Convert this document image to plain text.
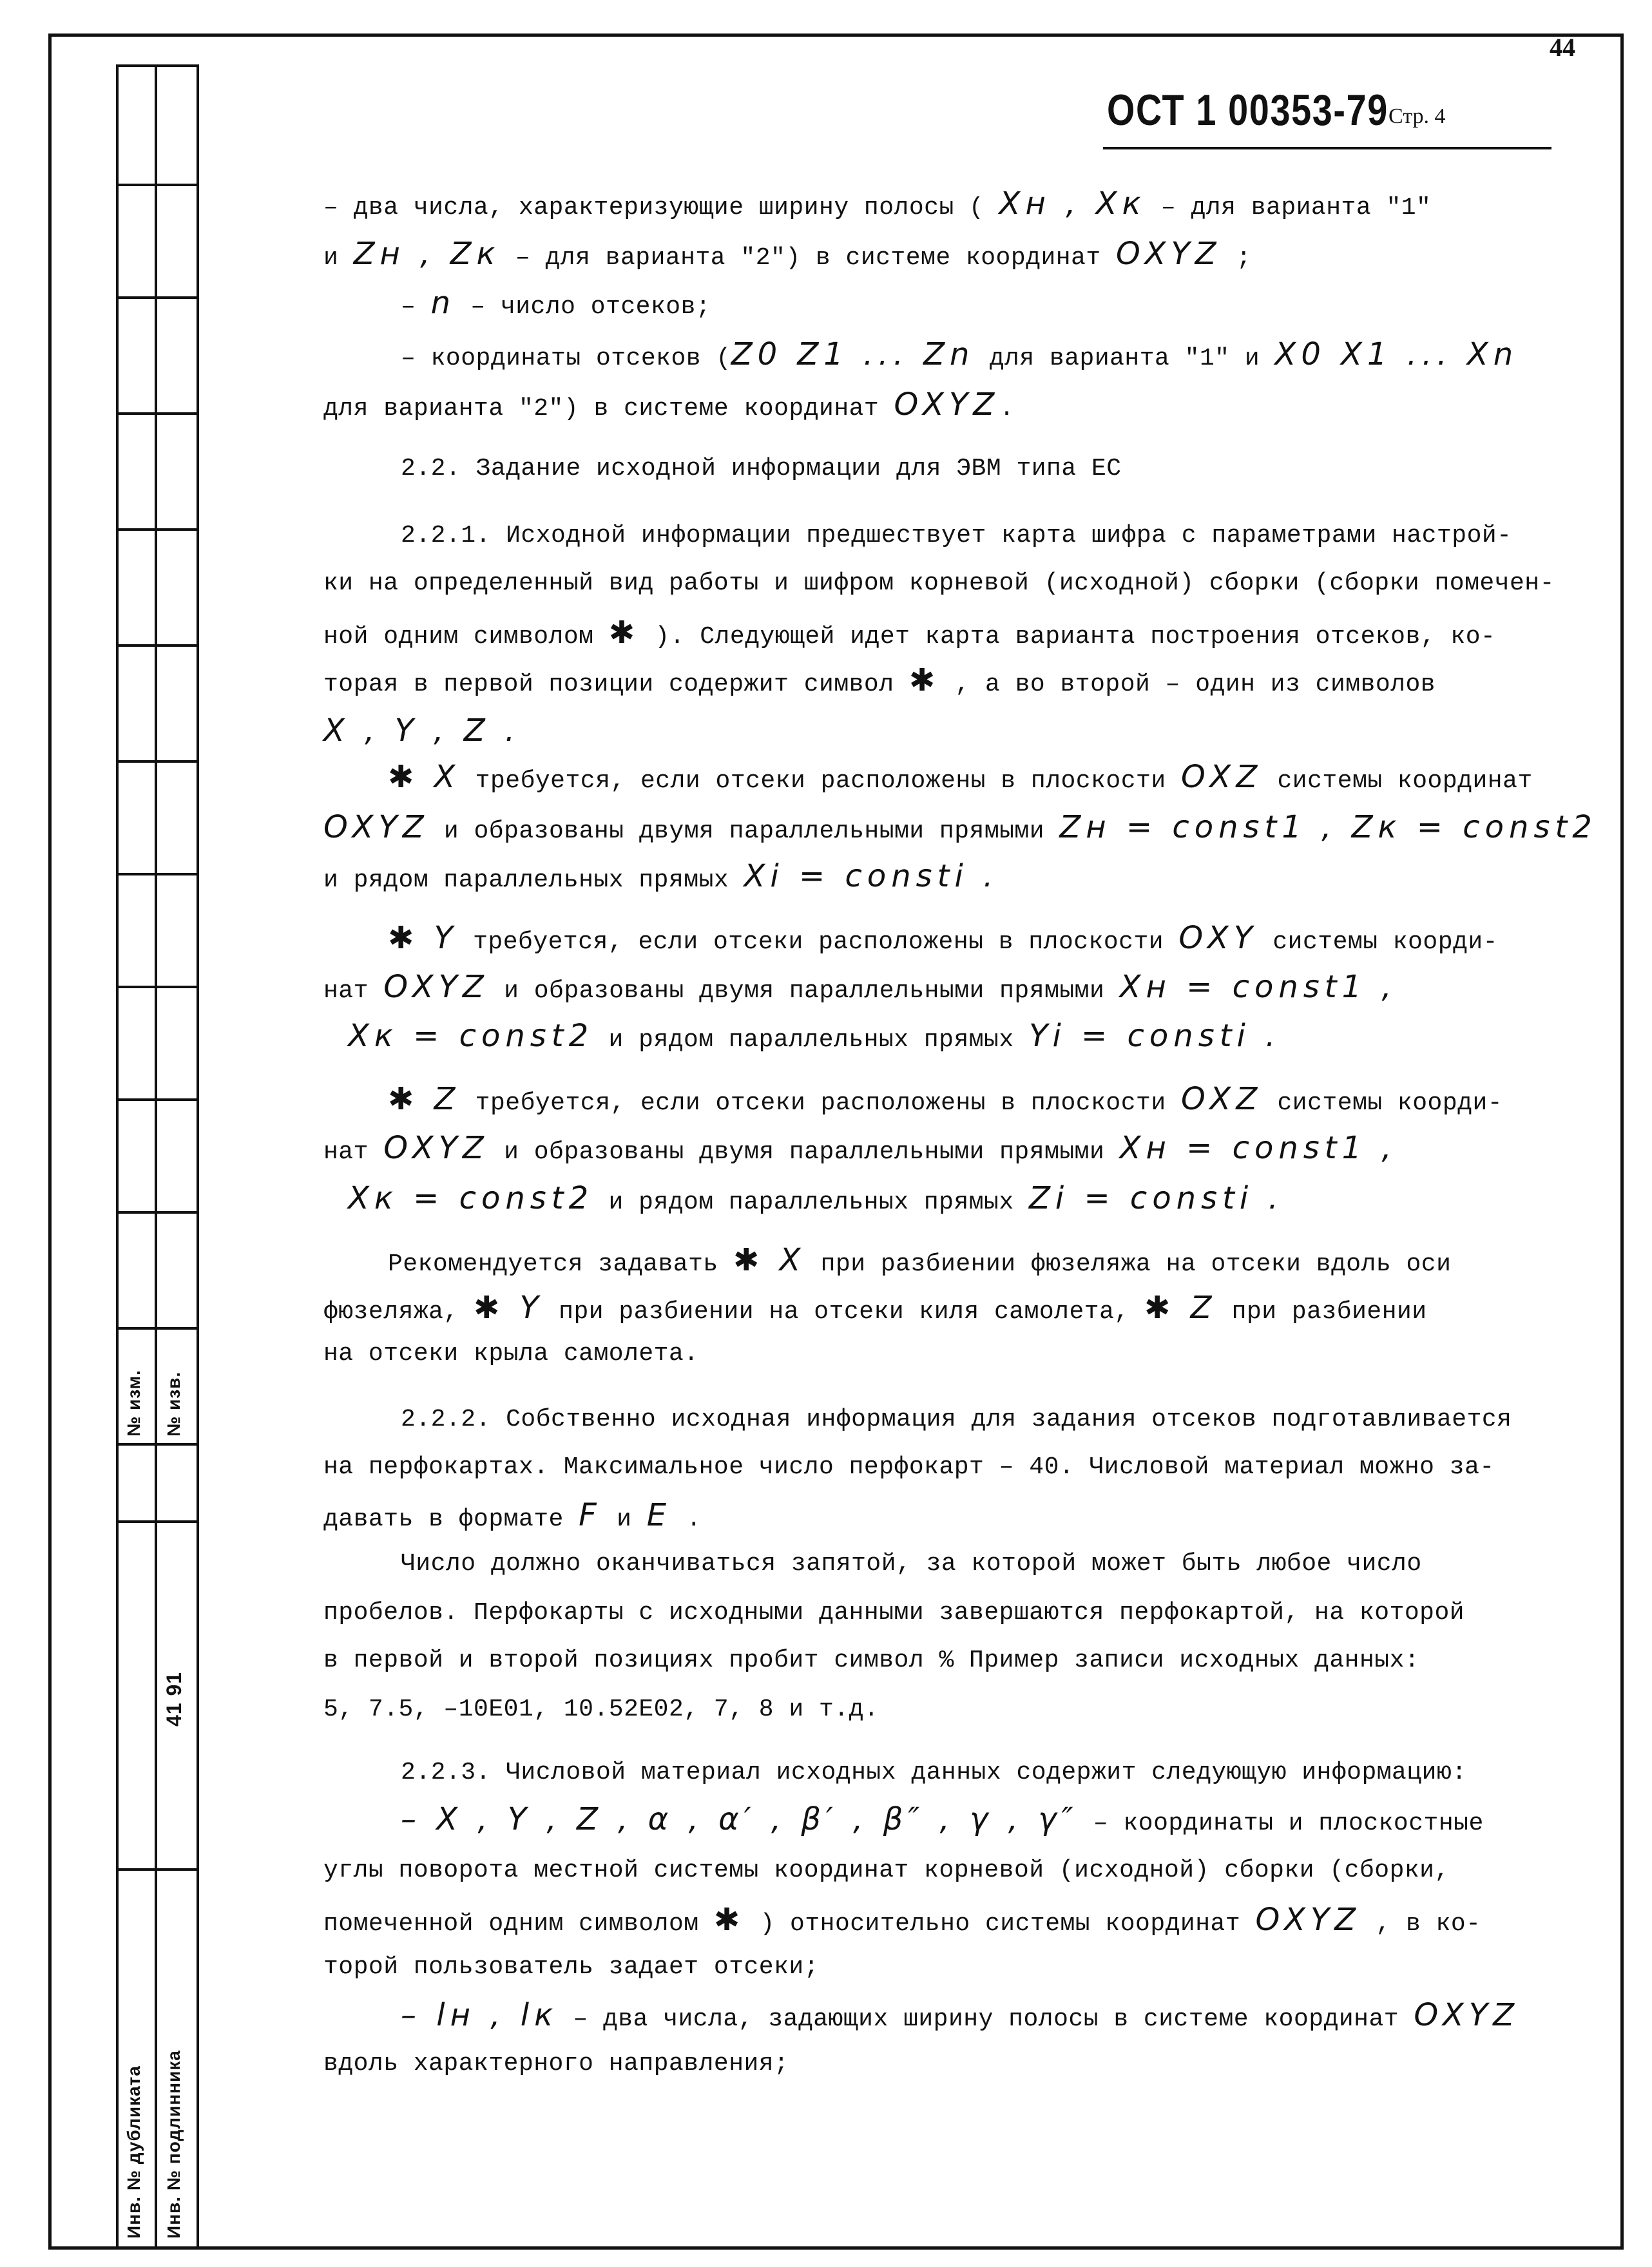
44
№ изм. № изв.
41 91
Инв. № дубликата Инв. № подлинника
ОСТ 1 00353-79 Стр. 4
– два числа, характеризующие ширину полосы ( Xн , Xк – для варианта "1"
и Zн , Zк – для варианта "2") в системе координат OXYZ ;
– n – число отсеков;
– координаты отсеков (Z0 Z1 ... Zn для варианта "1" и X0 X1 ... Xn
для варианта "2") в системе координат OXYZ.
2.2. Задание исходной информации для ЭВМ типа ЕС
2.2.1. Исходной информации предшествует карта шифра с параметрами настрой-
ки на определенный вид работы и шифром корневой (исходной) сборки (сборки помечен-
ной одним символом ✱ ). Следующей идет карта варианта построения отсеков, ко-
торая в первой позиции содержит символ ✱ , а во второй – один из символов
X , Y , Z .
✱ X требуется, если отсеки расположены в плоскости OXZ системы координат
OXYZ и образованы двумя параллельными прямыми Zн = const1 , Zк = const2
и рядом параллельных прямых Xi = consti .
✱ Y требуется, если отсеки расположены в плоскости OXY системы коорди-
нат OXYZ и образованы двумя параллельными прямыми Xн = const1 ,
Xк = const2 и рядом параллельных прямых Yi = consti .
✱ Z требуется, если отсеки расположены в плоскости OXZ системы коорди-
нат OXYZ и образованы двумя параллельными прямыми Xн = const1 ,
Xк = const2 и рядом параллельных прямых Zi = consti .
Рекомендуется задавать ✱ X при разбиении фюзеляжа на отсеки вдоль оси
фюзеляжа, ✱ Y при разбиении на отсеки киля самолета, ✱ Z при разбиении
на отсеки крыла самолета.
2.2.2. Собственно исходная информация для задания отсеков подготавливается
на перфокартах. Максимальное число перфокарт – 40. Числовой материал можно за-
давать в формате F и E .
Число должно оканчиваться запятой, за которой может быть любое число
пробелов. Перфокарты с исходными данными завершаются перфокартой, на которой
в первой и второй позициях пробит символ % Пример записи исходных данных:
5, 7.5, –10E01, 10.52E02, 7, 8 и т.д.
2.2.3. Числовой материал исходных данных содержит следующую информацию:
– X , Y , Z , α , α′ , β′ , β″ , γ , γ″ – координаты и плоскостные
углы поворота местной системы координат корневой (исходной) сборки (сборки,
помеченной одним символом ✱ ) относительно системы координат OXYZ , в ко-
торой пользователь задает отсеки;
– lн , lк – два числа, задающих ширину полосы в системе координат OXYZ
вдоль характерного направления;
